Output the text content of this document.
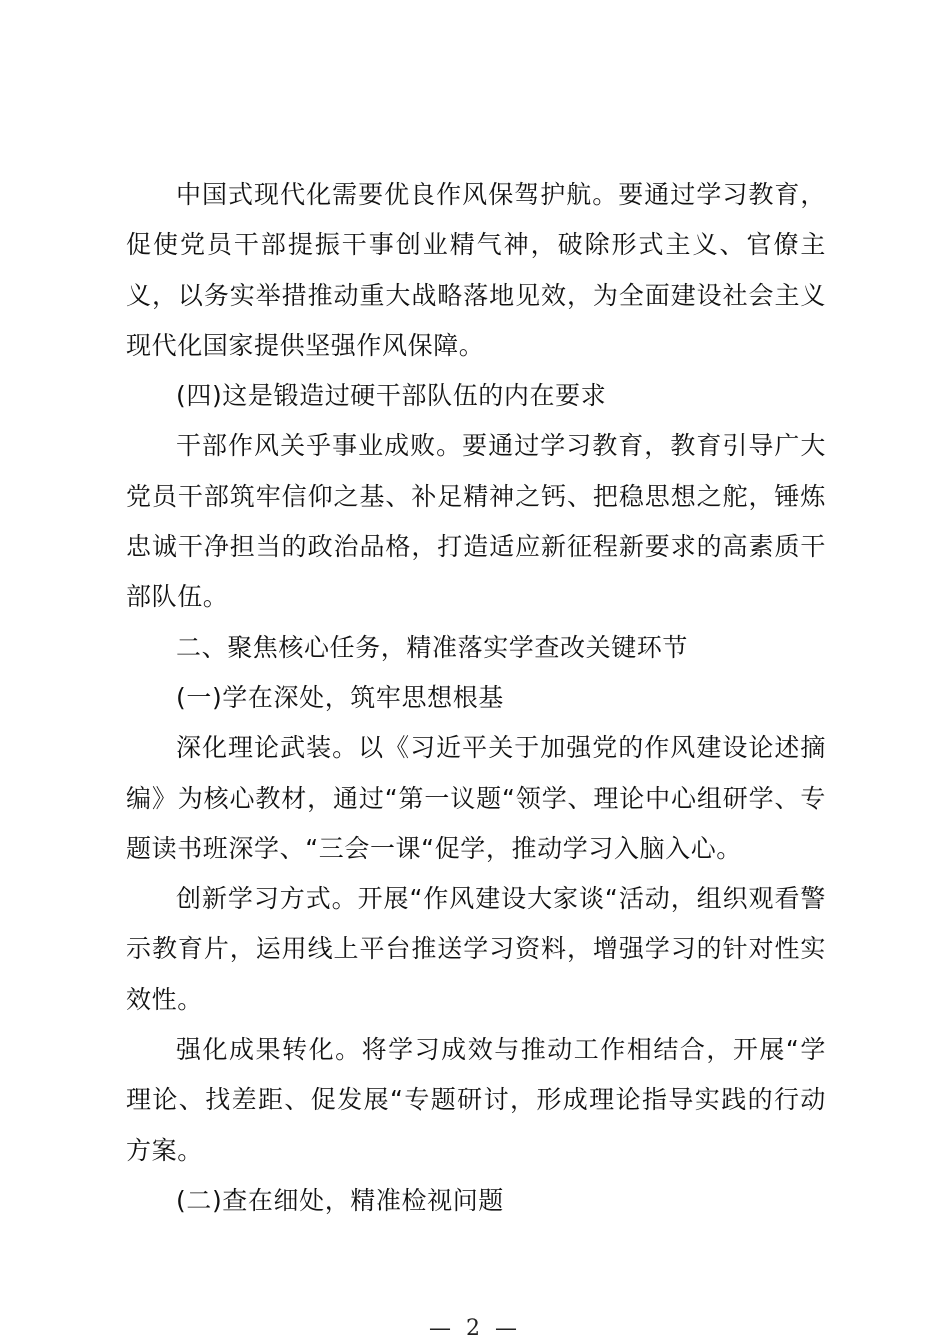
中国式现代化需要优良作风保驾护航。要通过学习教育，促使党员干部提振干事创业精气神，破除形式主义、官僚主义，以务实举措推动重大战略落地见效，为全面建设社会主义现代化国家提供坚强作风保障。

(四)这是锻造过硬干部队伍的内在要求

干部作风关乎事业成败。要通过学习教育，教育引导广大党员干部筑牢信仰之基、补足精神之钙、把稳思想之舵，锤炼忠诚干净担当的政治品格，打造适应新征程新要求的高素质干部队伍。

二、聚焦核心任务，精准落实学查改关键环节

(一)学在深处，筑牢思想根基

深化理论武装。以《习近平关于加强党的作风建设论述摘编》为核心教材，通过“第一议题“领学、理论中心组研学、专题读书班深学、“三会一课“促学，推动学习入脑入心。

创新学习方式。开展“作风建设大家谈“活动，组织观看警示教育片，运用线上平台推送学习资料，增强学习的针对性实效性。

强化成果转化。将学习成效与推动工作相结合，开展“学理论、找差距、促发展“专题研讨，形成理论指导实践的行动方案。

(二)查在细处，精准检视问题

— 2 —
